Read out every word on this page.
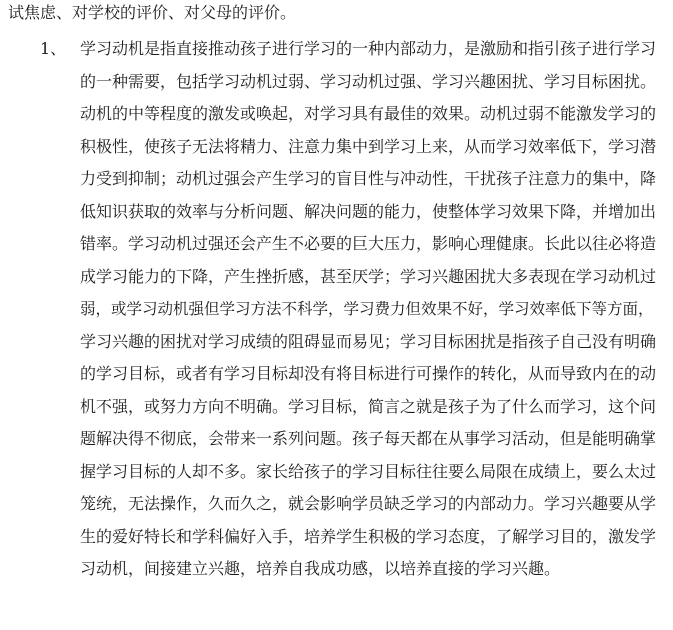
试焦虑、对学校的评价、对父母的评价。
1、 学习动机是指直接推动孩子进行学习的一种内部动力，是激励和指引孩子进行学习
的一种需要，包括学习动机过弱、学习动机过强、学习兴趣困扰、学习目标困扰。
动机的中等程度的激发或唤起，对学习具有最佳的效果。动机过弱不能激发学习的
积极性，使孩子无法将精力、注意力集中到学习上来，从而学习效率低下，学习潜
力受到抑制；动机过强会产生学习的盲目性与冲动性，干扰孩子注意力的集中，降
低知识获取的效率与分析问题、解决问题的能力，使整体学习效果下降，并增加出
错率。学习动机过强还会产生不必要的巨大压力，影响心理健康。长此以往必将造
成学习能力的下降，产生挫折感，甚至厌学；学习兴趣困扰大多表现在学习动机过
弱，或学习动机强但学习方法不科学，学习费力但效果不好，学习效率低下等方面，
学习兴趣的困扰对学习成绩的阻碍显而易见；学习目标困扰是指孩子自己没有明确
的学习目标，或者有学习目标却没有将目标进行可操作的转化，从而导致内在的动
机不强，或努力方向不明确。学习目标，简言之就是孩子为了什么而学习，这个问
题解决得不彻底，会带来一系列问题。孩子每天都在从事学习活动，但是能明确掌
握学习目标的人却不多。家长给孩子的学习目标往往要么局限在成绩上，要么太过
笼统，无法操作，久而久之，就会影响学员缺乏学习的内部动力。学习兴趣要从学
生的爱好特长和学科偏好入手，培养学生积极的学习态度，了解学习目的，激发学
习动机，间接建立兴趣，培养自我成功感，以培养直接的学习兴趣。
